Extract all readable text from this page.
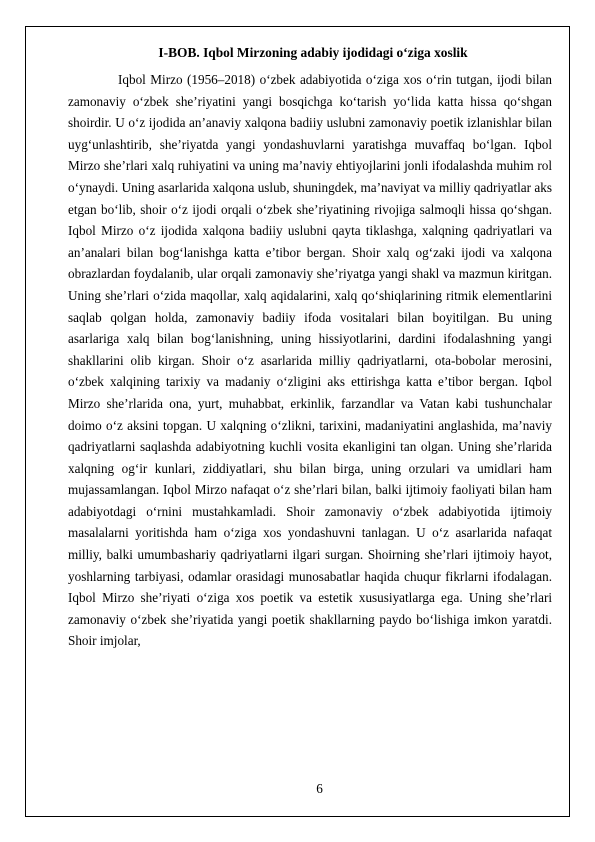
I-BOB. Iqbol Mirzoning adabiy ijodidagi o‘ziga xoslik

Iqbol Mirzo (1956–2018) o‘zbek adabiyotida o‘ziga xos o‘rin tutgan, ijodi bilan zamonaviy o‘zbek she’riyatini yangi bosqichga ko‘tarish yo‘lida katta hissa qo‘shgan shoirdir. U o‘z ijodida an’anaviy xalqona badiiy uslubni zamonaviy poetik izlanishlar bilan uyg‘unlashtirib, she’riyatda yangi yondashuvlarni yaratishga muvaffaq bo‘lgan. Iqbol Mirzo she’rlari xalq ruhiyatini va uning ma’naviy ehtiyojlarini jonli ifodalashda muhim rol o‘ynaydi. Uning asarlarida xalqona uslub, shuningdek, ma’naviyat va milliy qadriyatlar aks etgan bo‘lib, shoir o‘z ijodi orqali o‘zbek she’riyatining rivojiga salmoqli hissa qo‘shgan. Iqbol Mirzo o‘z ijodida xalqona badiiy uslubni qayta tiklashga, xalqning qadriyatlari va an’analari bilan bog‘lanishga katta e’tibor bergan. Shoir xalq og‘zaki ijodi va xalqona obrazlardan foydalanib, ular orqali zamonaviy she’riyatga yangi shakl va mazmun kiritgan. Uning she’rlari o‘zida maqollar, xalq aqidalarini, xalq qo‘shiqlarining ritmik elementlarini saqlab qolgan holda, zamonaviy badiiy ifoda vositalari bilan boyitilgan. Bu uning asarlariga xalq bilan bog‘lanishning, uning hissiyotlarini, dardini ifodalashning yangi shakllarini olib kirgan. Shoir o‘z asarlarida milliy qadriyatlarni, ota-bobolar merosini, o‘zbek xalqining tarixiy va madaniy o‘zligini aks ettirishga katta e’tibor bergan. Iqbol Mirzo she’rlarida ona, yurt, muhabbat, erkinlik, farzandlar va Vatan kabi tushunchalar doimo o‘z aksini topgan. U xalqning o‘zlikni, tarixini, madaniyatini anglashida, ma’naviy qadriyatlarni saqlashda adabiyotning kuchli vosita ekanligini tan olgan. Uning she’rlarida xalqning og‘ir kunlari, ziddiyatlari, shu bilan birga, uning orzulari va umidlari ham mujassamlangan. Iqbol Mirzo nafaqat o‘z she’rlari bilan, balki ijtimoiy faoliyati bilan ham adabiyotdagi o‘rnini mustahkamladi. Shoir zamonaviy o‘zbek adabiyotida ijtimoiy masalalarni yoritishda ham o‘ziga xos yondashuvni tanlagan. U o‘z asarlarida nafaqat milliy, balki umumbashariy qadriyatlarni ilgari surgan. Shoirning she’rlari ijtimoiy hayot, yoshlarning tarbiyasi, odamlar orasidagi munosabatlar haqida chuqur fikrlarni ifodalagan. Iqbol Mirzo she’riyati o‘ziga xos poetik va estetik xususiyatlarga ega. Uning she’rlari zamonaviy o‘zbek she’riyatida yangi poetik shakllarning paydo bo‘lishiga imkon yaratdi. Shoir imjolar,

6
